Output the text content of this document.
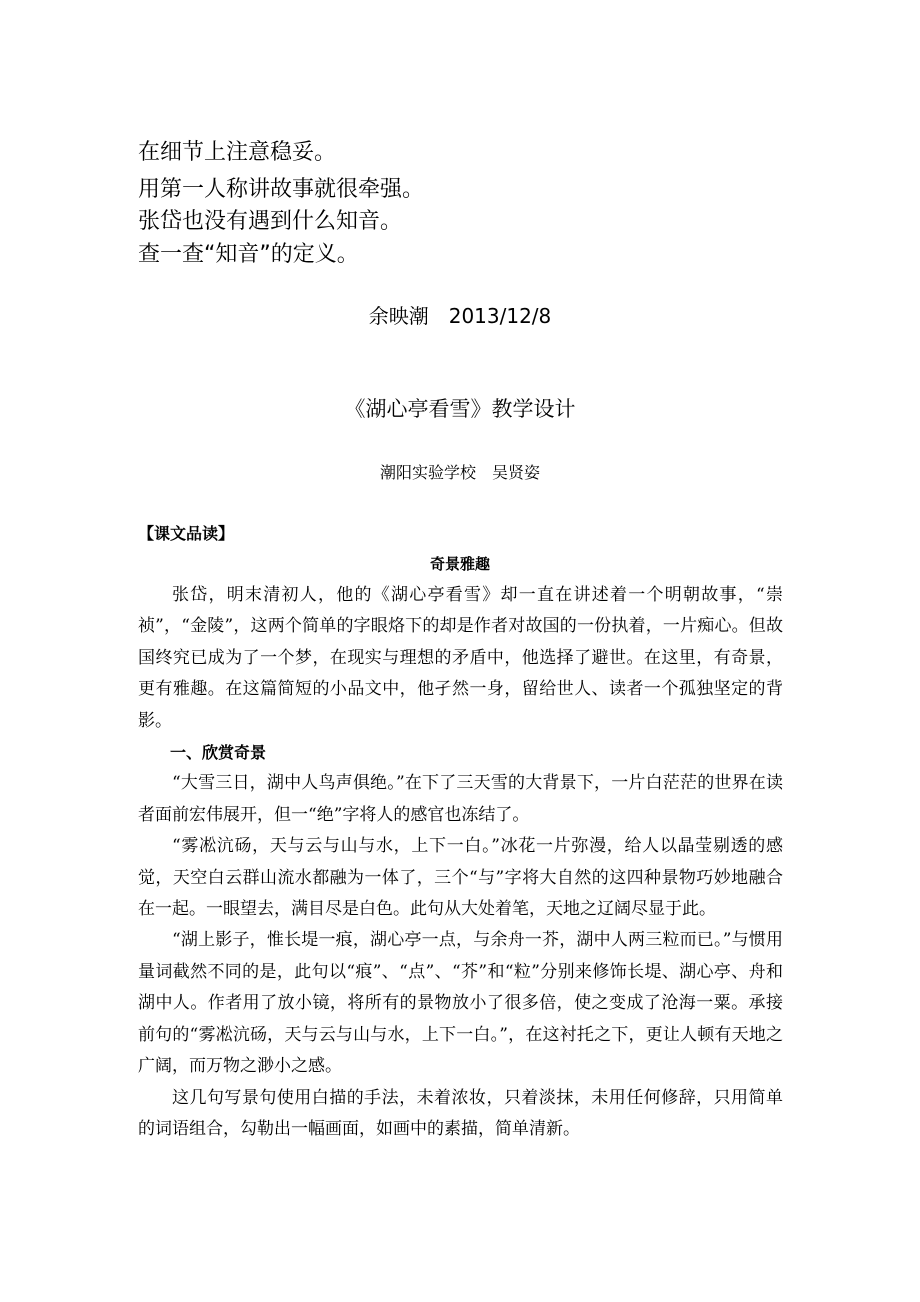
在细节上注意稳妥。
用第一人称讲故事就很牵强。
张岱也没有遇到什么知音。
查一查“知音”的定义。
余映潮　2013/12/8
《湖心亭看雪》教学设计
潮阳实验学校　吴贤姿
【课文品读】
奇景雅趣

张岱，明末清初人，他的《湖心亭看雪》却一直在讲述着一个明朝故事，“崇祯”，“金陵”，这两个简单的字眼烙下的却是作者对故国的一份执着，一片痴心。但故国终究已成为了一个梦，在现实与理想的矛盾中，他选择了避世。在这里，有奇景，更有雅趣。在这篇简短的小品文中，他孑然一身，留给世人、读者一个孤独坚定的背影。

一、欣赏奇景

“大雪三日，湖中人鸟声俱绝。”在下了三天雪的大背景下，一片白茫茫的世界在读者面前宏伟展开，但一“绝”字将人的感官也冻结了。

“雾凇沆砀，天与云与山与水，上下一白。”冰花一片弥漫，给人以晶莹剔透的感觉，天空白云群山流水都融为一体了，三个“与”字将大自然的这四种景物巧妙地融合在一起。一眼望去，满目尽是白色。此句从大处着笔，天地之辽阔尽显于此。

“湖上影子，惟长堤一痕，湖心亭一点，与余舟一芥，湖中人两三粒而已。”与惯用量词截然不同的是，此句以“痕”、“点”、“芥”和“粒”分别来修饰长堤、湖心亭、舟和湖中人。作者用了放小镜，将所有的景物放小了很多倍，使之变成了沧海一粟。承接前句的“雾凇沆砀，天与云与山与水，上下一白。”，在这衬托之下，更让人顿有天地之广阔，而万物之渺小之感。

这几句写景句使用白描的手法，未着浓妆，只着淡抹，未用任何修辞，只用简单的词语组合，勾勒出一幅画面，如画中的素描，简单清新。
